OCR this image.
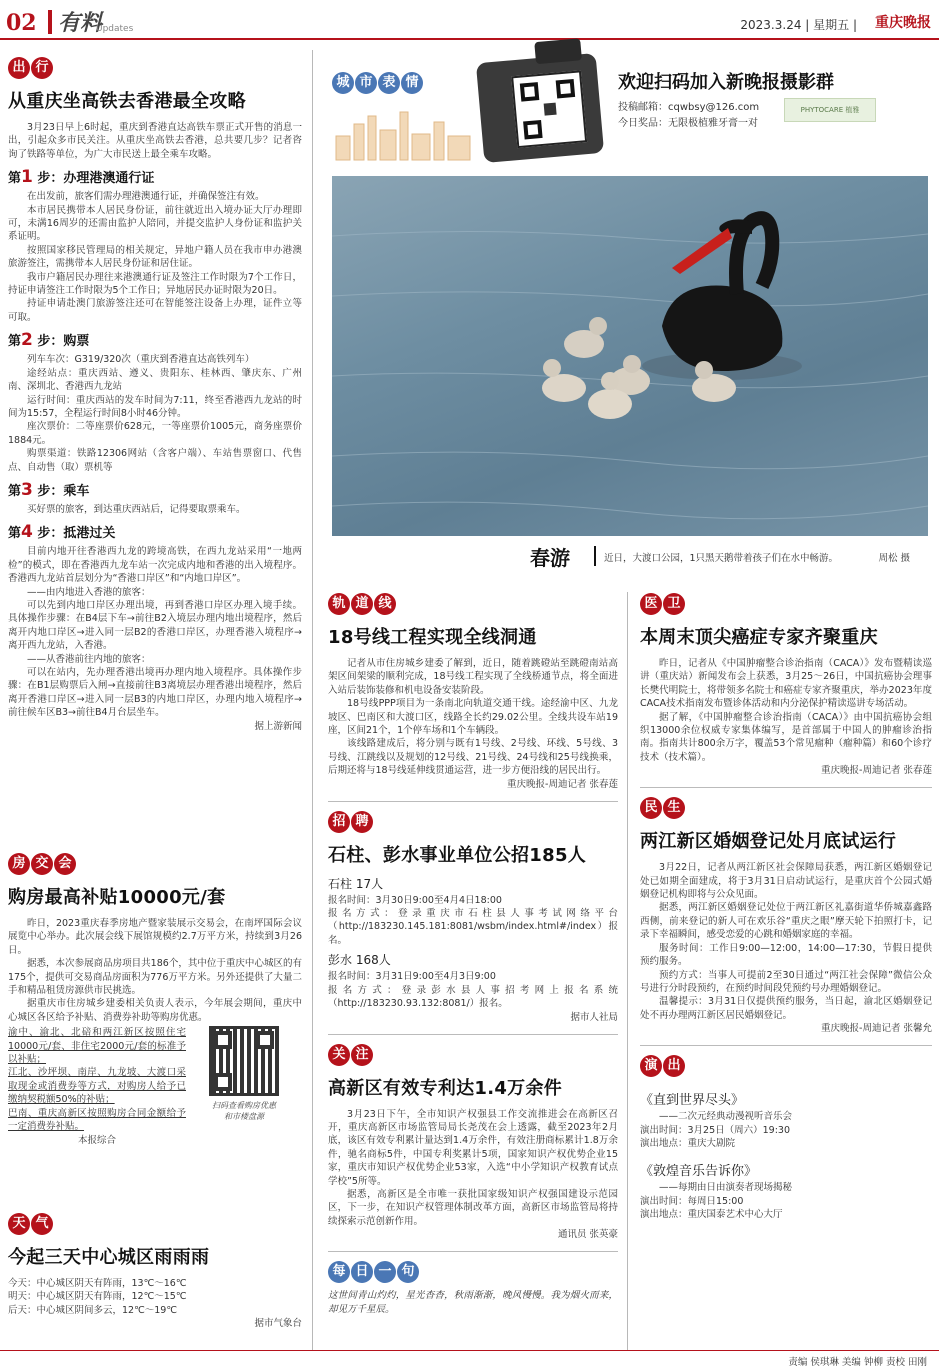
02 有料
Updates	2023.3.24 | 星期五 | 重庆晚报
出 行
从重庆坐高铁去香港最全攻略

3月23日早上6时起，重庆到香港直达高铁车票正式开售的消息一出，引起众多市民关注。从重庆坐高铁去香港，总共要几步？记者咨询了铁路等单位，为广大市民送上最全乘车攻略。

第1 步：办理港澳通行证

在出发前，旅客们需办理港澳通行证，并确保签注有效。

本市居民携带本人居民身份证，前往就近出入境办证大厅办理即可，未满16周岁的还需由监护人陪同，并提交监护人身份证和监护关系证明。

按照国家移民管理局的相关规定，异地户籍人员在我市申办港澳旅游签注，需携带本人居民身份证和居住证。

我市户籍居民办理往来港澳通行证及签注工作时限为7个工作日，持证申请签注工作时限为5个工作日；异地居民办证时限为20日。

持证申请赴澳门旅游签注还可在智能签注设备上办理，证件立等可取。

第2 步：购票

列车车次：G319/320次（重庆到香港直达高铁列车）

途经站点：重庆西站、遵义、贵阳东、桂林西、肇庆东、广州南、深圳北、香港西九龙站

运行时间：重庆西站的发车时间为7:11，终至香港西九龙站的时间为15:57，全程运行时间8小时46分钟。

座次票价：二等座票价628元，一等座票价1005元，商务座票价1884元。

购票渠道：铁路12306网站（含客户端）、车站售票窗口、代售点、自动售（取）票机等

第3 步：乘车

买好票的旅客，到达重庆西站后，记得要取票乘车。

第4 步：抵港过关

目前内地开往香港西九龙的跨境高铁，在西九龙站采用“一地两检”的模式，即在香港西九龙车站一次完成内地和香港的出入境程序。香港西九龙站首层划分为“香港口岸区”和“内地口岸区”。

——由内地进入香港的旅客：

可以先到内地口岸区办理出境，再到香港口岸区办理入境手续。具体操作步骤：在B4层下车→前往B2入境层办理内地出境程序，然后离开内地口岸区→进入同一层B2的香港口岸区，办理香港入境程序→离开西九龙站，入香港。

——从香港前往内地的旅客：

可以在站内，先办理香港出境再办理内地入境程序。具体操作步骤：在B1层购票后入闸→直接前往B3离境层办理香港出境程序，然后离开香港口岸区→进入同一层B3的内地口岸区，办理内地入境程序→前往候车区B3→前往B4月台层坐车。

据上游新闻
房 交 会
购房最高补贴10000元/套

昨日，2023重庆春季房地产暨家装展示交易会，在南坪国际会议展览中心举办。此次展会线下展馆规模约2.7万平方米，持续到3月26日。

据悉，本次参展商品房项目共186个，其中位于重庆中心城区的有175个，提供可交易商品房面积为776万平方米。另外还提供了大量二手和精品租赁房源供市民挑选。

据重庆市住房城乡建委相关负责人表示，今年展会期间，重庆中心城区各区给予补贴、消费券补助等购房优惠。

渝中、渝北、北碚和两江新区按照住宅10000元/套、非住宅2000元/套的标准予以补贴；

江北、沙坪坝、南岸、九龙坡、大渡口采取现金或消费券等方式，对购房人给予已缴纳契税额50%的补贴；

巴南、重庆高新区按照购房合同金额给予一定消费券补贴。

本报综合
扫码查看购房优惠
和市楼盘源
天 气
今起三天中心城区雨雨雨

今天：中心城区阴天有阵雨，13℃～16℃

明天：中心城区阴天有阵雨，12℃～15℃

后天：中心城区阴间多云，12℃～19℃

据市气象台
城 市 表 情	欢迎扫码加入新晚报摄影群
投稿邮箱：cqwbsy@126.com
今日奖品：无限极植雅牙膏一对
PHYTOCARE 植雅
春游	近日，大渡口公园，1只黑天鹅带着孩子们在水中畅游。	周松 摄
轨 道 线
18号线工程实现全线洞通

记者从市住房城乡建委了解到，近日，随着跳磴站至跳磴南站高架区间架梁的顺利完成，18号线工程实现了全线桥通节点，将全面进入站后装饰装修和机电设备安装阶段。

18号线PPP项目为一条南北向轨道交通干线。途经渝中区、九龙坡区、巴南区和大渡口区，线路全长约29.02公里。全线共设车站19座，区间21个，1个停车场和1个车辆段。

该线路建成后，将分别与既有1号线、2号线、环线、5号线、3号线、江跳线以及规划的12号线、21号线、24号线和25号线换乘，后期还将与18号线延伸线贯通运营，进一步方便沿线的居民出行。

重庆晚报-周迪记者 张春莲
招 聘
石柱、彭水事业单位公招185人
石柱 17人

报名时间：3月30日9:00至4月4日18:00

报名方式：登录重庆市石柱县人事考试网络平台（http://183230.145.181:8081/wsbm/index.html#/index）报名。

彭水 168人

报名时间：3月31日9:00至4月3日9:00

报名方式：登录彭水县人事招考网上报名系统（http://183230.93.132:8081/）报名。

据市人社局
关 注
高新区有效专利达1.4万余件

3月23日下午，全市知识产权强县工作交流推进会在高新区召开，重庆高新区市场监管局局长尧茂在会上透露，截至2023年2月底，该区有效专利累计量达到1.4万余件，有效注册商标累计1.8万余件，驰名商标5件，中国专利奖累计5项，国家知识产权优势企业15家，重庆市知识产权优势企业53家，入选“中小学知识产权教育试点学校”5所等。

据悉，高新区是全市唯一获批国家级知识产权强国建设示范园区，下一步，在知识产权管理体制改革方面，高新区市场监管局将持续探索示范创新作用。

通讯员 张英豪
每 日 一 句

这世间青山灼灼，星光杳杳，秋雨渐渐，晚风慢慢。我为烟火而来，却见万千星辰。

医 卫
本周末顶尖癌症专家齐聚重庆

昨日，记者从《中国肿瘤整合诊治指南（CACA）》发布暨精读巡讲（重庆站）新闻发布会上获悉，3月25～26日，中国抗癌协会理事长樊代明院士，将带领多名院士和癌症专家齐聚重庆，举办2023年度CACA技术指南发布暨诊体活动和内分泌保护精读巡讲专场活动。

据了解，《中国肿瘤整合诊治指南（CACA）》由中国抗癌协会组织13000余位权威专家集体编写，是首部属于中国人的肿瘤诊治指南。指南共计800余万字，覆盖53个常见瘤种（瘤种篇）和60个诊疗技术（技术篇）。

重庆晚报-周迪记者 张春莲
民 生
两江新区婚姻登记处月底试运行

3月22日，记者从两江新区社会保障局获悉，两江新区婚姻登记处已如期全面建成，将于3月31日启动试运行，是重庆首个公园式婚姻登记机构即将与公众见面。

据悉，两江新区婚姻登记处位于两江新区礼嘉街道华侨城嘉鑫路西侧，前来登记的新人可在欢乐谷“重庆之眼”摩天轮下拍照打卡，记录下幸福瞬间，感受恋爱的心跳和婚姻家庭的幸福。

服务时间：工作日9:00—12:00，14:00—17:30，节假日提供预约服务。

预约方式：当事人可提前2至30日通过“两江社会保障”微信公众号进行分时段预约，在预约时间段凭预约号办理婚姻登记。

温馨提示：3月31日仅提供预约服务，当日起，渝北区婚姻登记处不再办理两江新区居民婚姻登记。

重庆晚报-周迪记者 张馨允
演 出
《直到世界尽头》

——二次元经典动漫视听音乐会

演出时间：3月25日（周六）19:30

演出地点：重庆大剧院

《敦煌音乐告诉你》

——每期由日由演奏者现场揭秘

演出时间：每周日15:00

演出地点：重庆国泰艺术中心大厅

责编 侯琪琳 美编 钟柳 责校 田刚
